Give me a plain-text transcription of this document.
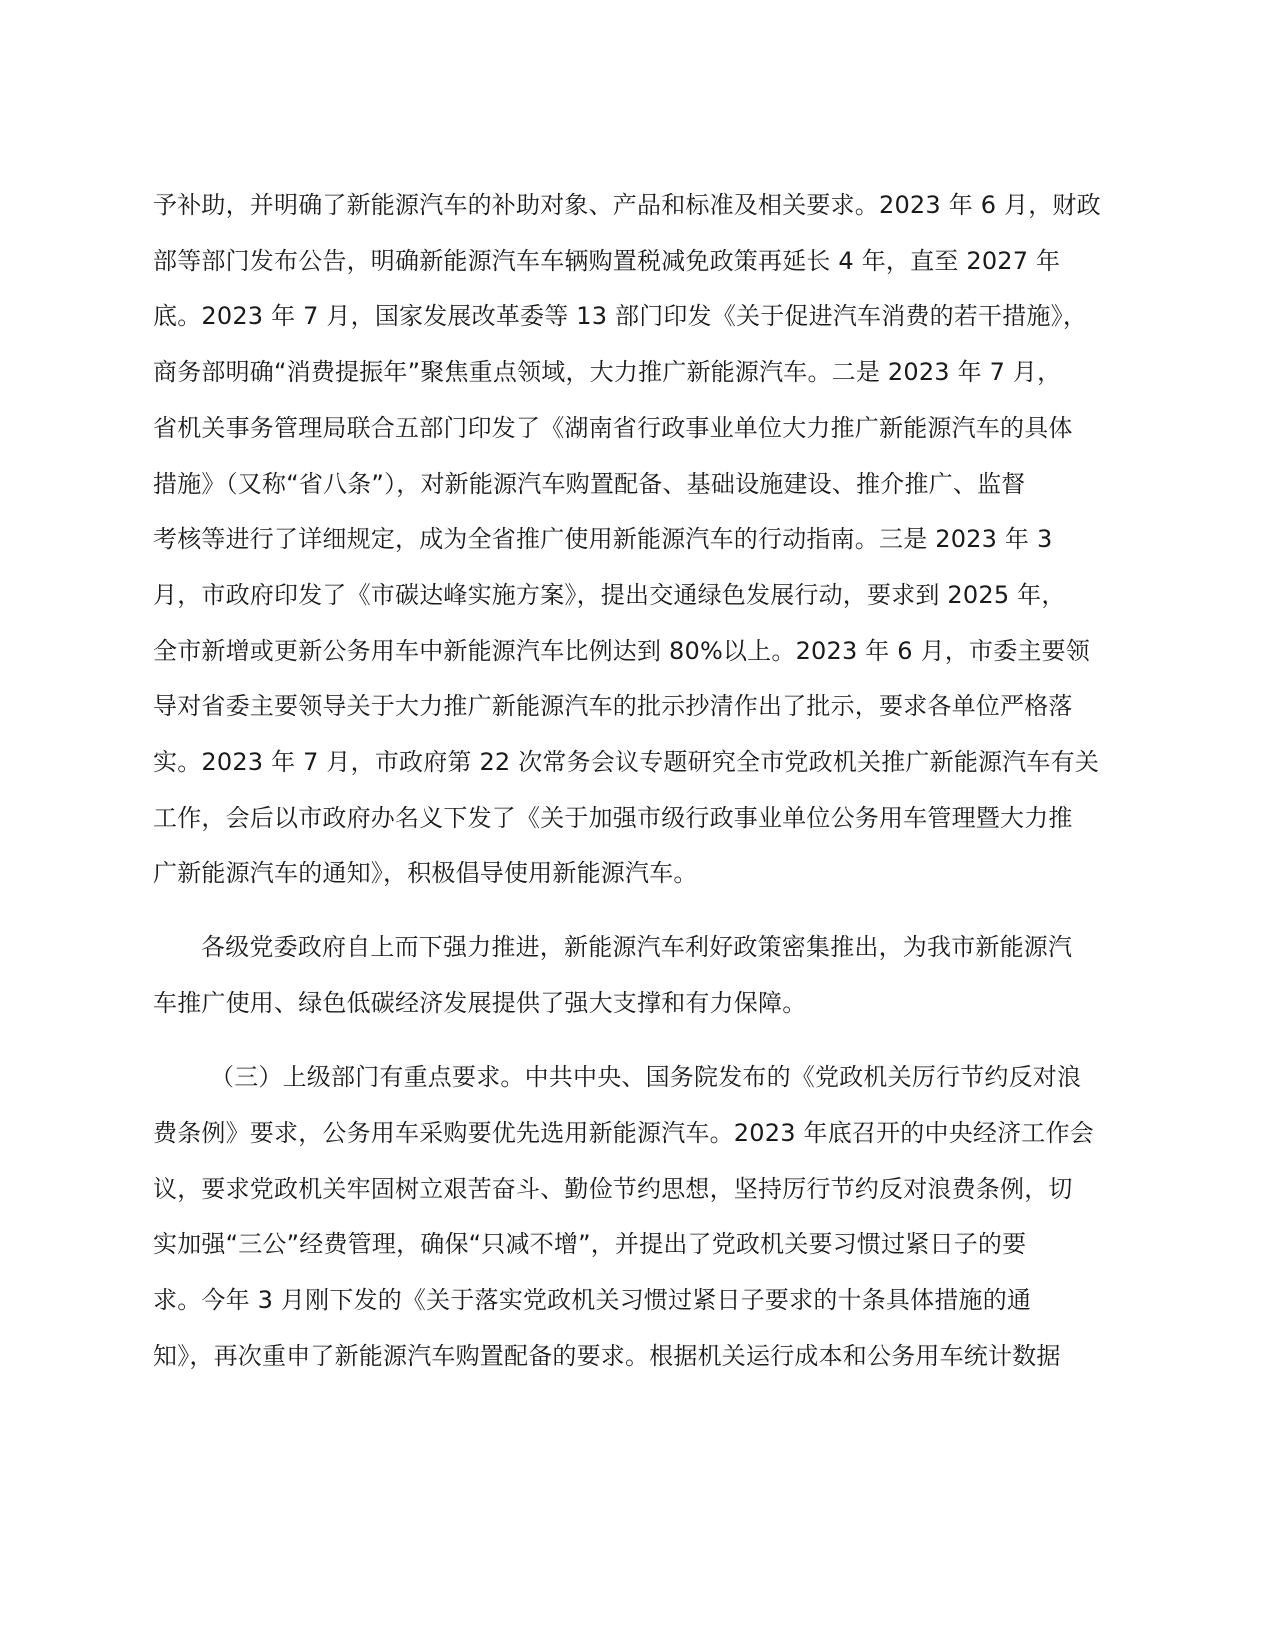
予补助，并明确了新能源汽车的补助对象、产品和标准及相关要求。2023 年 6 月，财政
部等部门发布公告，明确新能源汽车车辆购置税减免政策再延长 4 年，直至 2027 年
底。2023 年 7 月，国家发展改革委等 13 部门印发《关于促进汽车消费的若干措施》，
商务部明确“消费提振年”聚焦重点领域，大力推广新能源汽车。二是 2023 年 7 月，
省机关事务管理局联合五部门印发了《湖南省行政事业单位大力推广新能源汽车的具体
措施》（又称“省八条”），对新能源汽车购置配备、基础设施建设、推介推广、监督
考核等进行了详细规定，成为全省推广使用新能源汽车的行动指南。三是 2023 年 3
月，市政府印发了《市碳达峰实施方案》，提出交通绿色发展行动，要求到 2025 年，
全市新增或更新公务用车中新能源汽车比例达到 80%以上。2023 年 6 月，市委主要领
导对省委主要领导关于大力推广新能源汽车的批示抄清作出了批示，要求各单位严格落
实。2023 年 7 月，市政府第 22 次常务会议专题研究全市党政机关推广新能源汽车有关
工作，会后以市政府办名义下发了《关于加强市级行政事业单位公务用车管理暨大力推
广新能源汽车的通知》，积极倡导使用新能源汽车。
各级党委政府自上而下强力推进，新能源汽车利好政策密集推出，为我市新能源汽
车推广使用、绿色低碳经济发展提供了强大支撑和有力保障。
（三）上级部门有重点要求。中共中央、国务院发布的《党政机关厉行节约反对浪
费条例》要求，公务用车采购要优先选用新能源汽车。2023 年底召开的中央经济工作会
议，要求党政机关牢固树立艰苦奋斗、勤俭节约思想，坚持厉行节约反对浪费条例，切
实加强“三公”经费管理，确保“只减不增”，并提出了党政机关要习惯过紧日子的要
求。今年 3 月刚下发的《关于落实党政机关习惯过紧日子要求的十条具体措施的通
知》，再次重申了新能源汽车购置配备的要求。根据机关运行成本和公务用车统计数据
